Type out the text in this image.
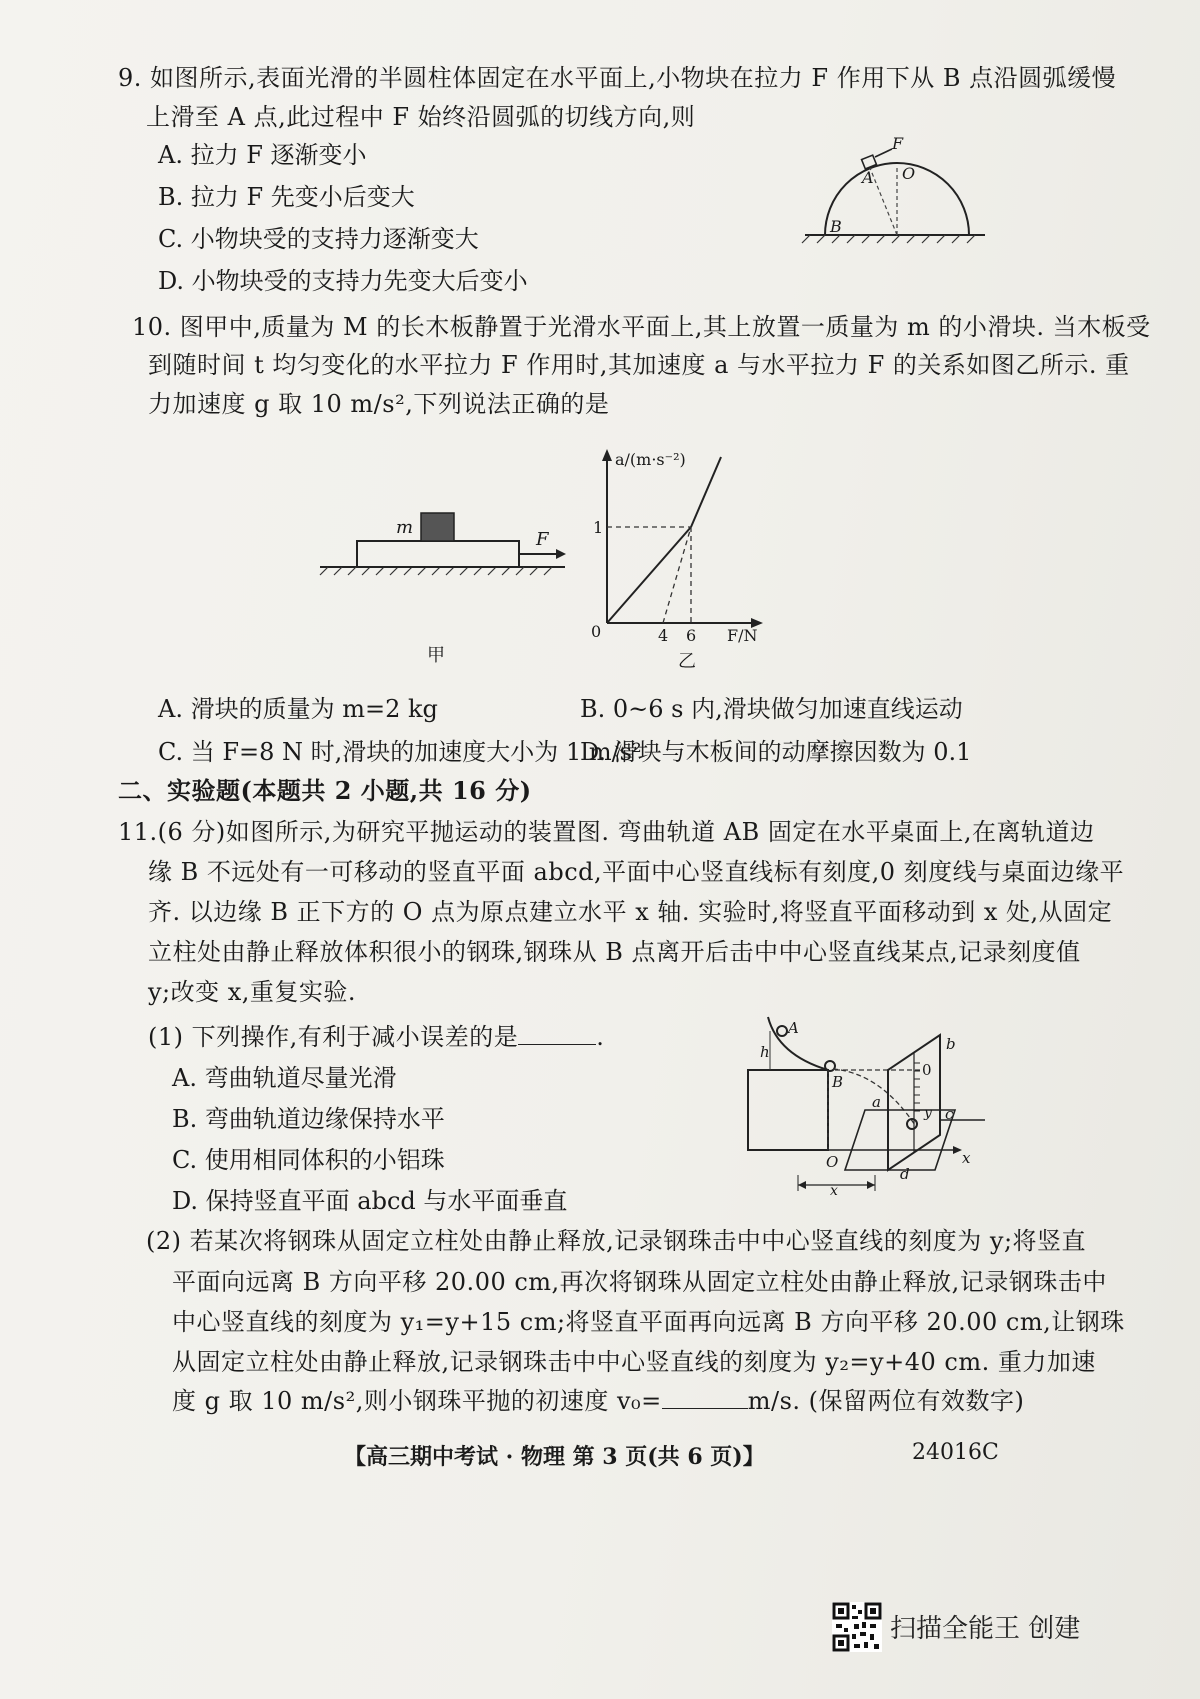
9. 如图所示,表面光滑的半圆柱体固定在水平面上,小物块在拉力 F 作用下从 B 点沿圆弧缓慢
上滑至 A 点,此过程中 F 始终沿圆弧的切线方向,则
A. 拉力 F 逐渐变小
B. 拉力 F 先变小后变大
C. 小物块受的支持力逐渐变大
D. 小物块受的支持力先变大后变小
F
A O
B
10. 图甲中,质量为 M 的长木板静置于光滑水平面上,其上放置一质量为 m 的小滑块. 当木板受
到随时间 t 均匀变化的水平拉力 F 作用时,其加速度 a 与水平拉力 F 的关系如图乙所示. 重
力加速度 g 取 10 m/s²,下列说法正确的是
m
F
甲
a/(m·s⁻²)
F/N
0
1
4 6
乙
A. 滑块的质量为 m=2 kg	B. 0~6 s 内,滑块做匀加速直线运动
C. 当 F=8 N 时,滑块的加速度大小为 1 m/s²
D. 滑块与木板间的动摩擦因数为 0.1
二、实验题(本题共 2 小题,共 16 分)
11.(6 分)如图所示,为研究平抛运动的装置图. 弯曲轨道 AB 固定在水平桌面上,在离轨道边
缘 B 不远处有一可移动的竖直平面 abcd,平面中心竖直线标有刻度,0 刻度线与桌面边缘平
齐. 以边缘 B 正下方的 O 点为原点建立水平 x 轴. 实验时,将竖直平面移动到 x 处,从固定
立柱处由静止释放体积很小的钢珠,钢珠从 B 点离开后击中中心竖直线某点,记录刻度值
y;改变 x,重复实验.
(1) 下列操作,有利于减小误差的是	.
A. 弯曲轨道尽量光滑
B. 弯曲轨道边缘保持水平
C. 使用相同体积的小铝珠
D. 保持竖直平面 abcd 与水平面垂直
A
h
B
b
0
a
y c
O
d
x
x
(2) 若某次将钢珠从固定立柱处由静止释放,记录钢珠击中中心竖直线的刻度为 y;将竖直
平面向远离 B 方向平移 20.00 cm,再次将钢珠从固定立柱处由静止释放,记录钢珠击中
中心竖直线的刻度为 y₁=y+15 cm;将竖直平面再向远离 B 方向平移 20.00 cm,让钢珠
从固定立柱处由静止释放,记录钢珠击中中心竖直线的刻度为 y₂=y+40 cm. 重力加速
度 g 取 10 m/s²,则小钢珠平抛的初速度 v₀=	m/s. (保留两位有效数字)
【高三期中考试 · 物理 第 3 页(共 6 页)】	24016C
扫描全能王 创建
